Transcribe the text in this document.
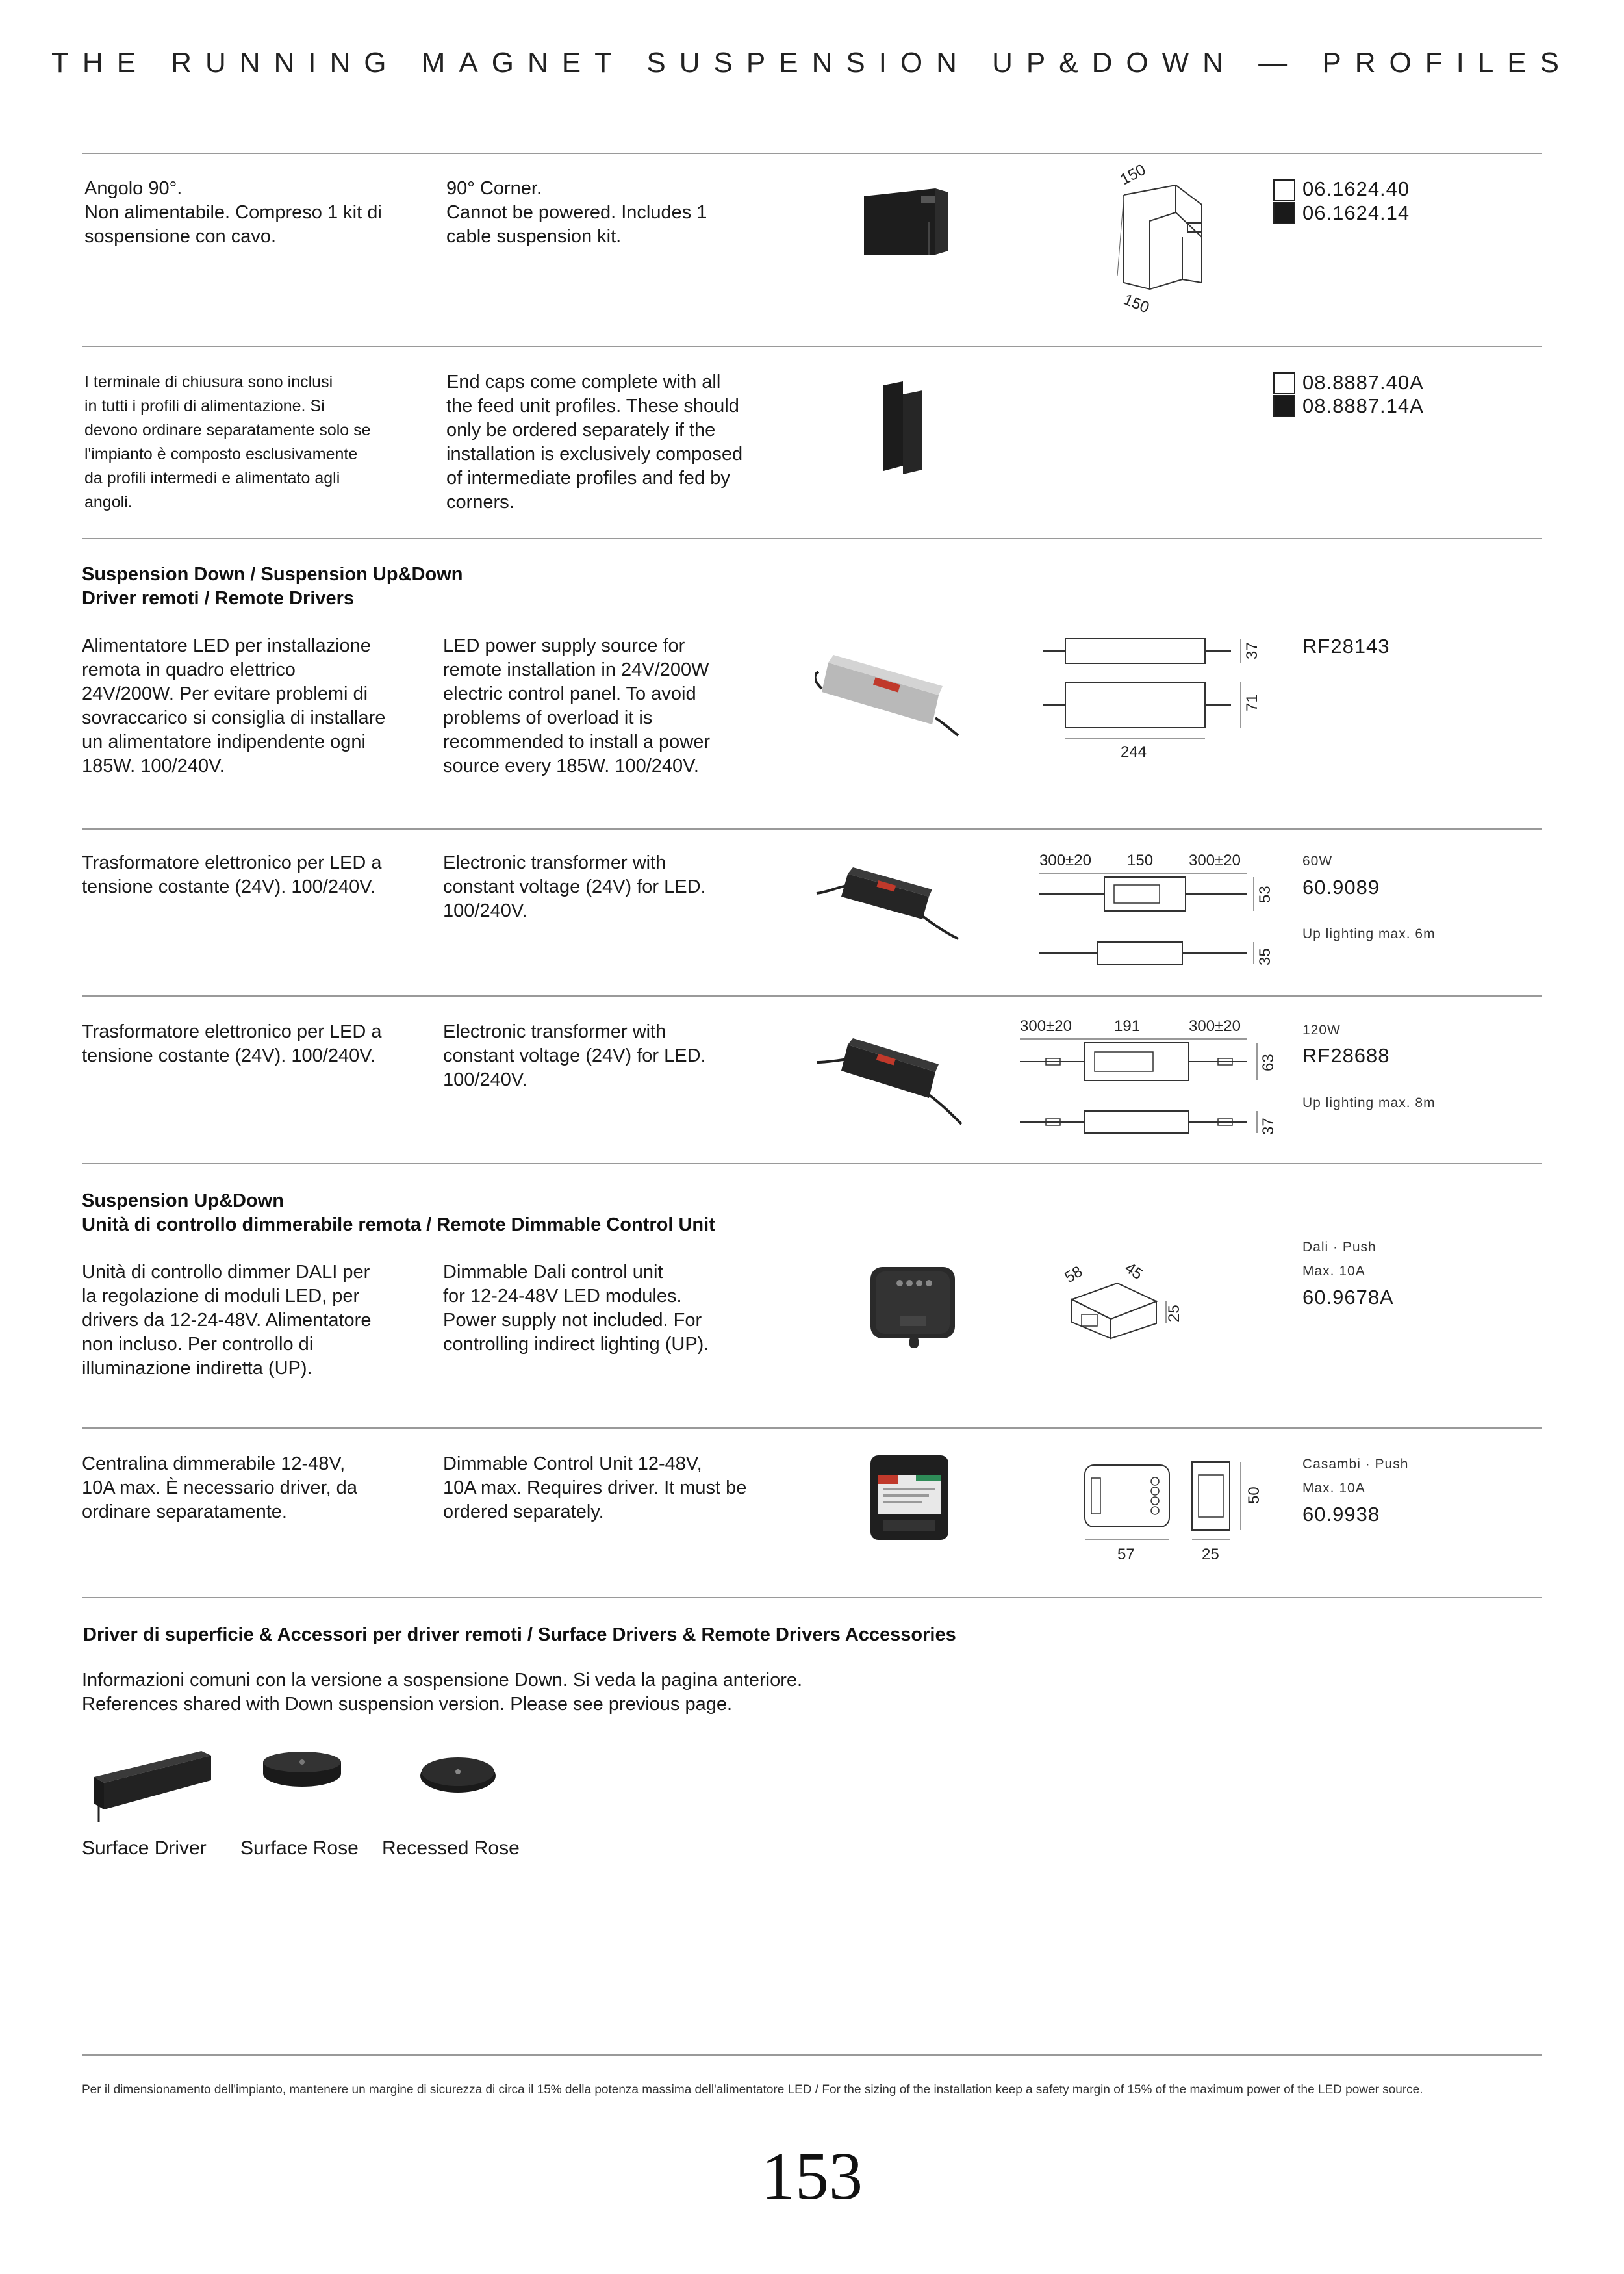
THE RUNNING MAGNET SUSPENSION UP&DOWN — PROFILES
Angolo 90°.
Non alimentabile. Compreso 1 kit di
sospensione con cavo.
90° Corner.
Cannot be powered. Includes 1
cable suspension kit.
150
150
06.1624.40
06.1624.14
I terminale di chiusura sono inclusi
in tutti i profili di alimentazione. Si
devono ordinare separatamente solo se
l'impianto è composto esclusivamente
da profili intermedi e alimentato agli
angoli.
End caps come complete with all
the feed unit profiles. These should
only be ordered separately if the
installation is exclusively composed
of intermediate profiles and fed by
corners.
08.8887.40A
08.8887.14A
Suspension Down / Suspension Up&Down
Driver remoti / Remote Drivers
Alimentatore LED per installazione
remota in quadro elettrico
24V/200W. Per evitare problemi di
sovraccarico si consiglia di installare
un alimentatore indipendente ogni
185W. 100/240V.
LED power supply source for
remote installation in 24V/200W
electric control panel. To avoid
problems of overload it is
recommended to install a power
source every 185W. 100/240V.
37
71
244
RF28143
Trasformatore elettronico per LED a
tensione costante (24V). 100/240V.
Electronic transformer with
constant voltage (24V) for LED.
100/240V.
300±20 150 300±20
53
35
60W
60.9089
Up lighting max. 6m
Trasformatore elettronico per LED a
tensione costante (24V). 100/240V.
Electronic transformer with
constant voltage (24V) for LED.
100/240V.
300±20	191	300±20
63
37
120W
RF28688
Up lighting max. 8m
Suspension Up&Down
Unità di controllo dimmerabile remota / Remote Dimmable Control Unit
Unità di controllo dimmer DALI per
la regolazione di moduli LED, per
drivers da 12-24-48V. Alimentatore
non incluso. Per controllo di
illuminazione indiretta (UP).
Dimmable Dali control unit
for 12-24-48V LED modules.
Power supply not included. For
controlling indirect lighting (UP).
58 45
25
Dali · Push
Max. 10A
60.9678A
Centralina dimmerabile 12-48V,
10A max. È necessario driver, da
ordinare separatamente.
Dimmable Control Unit 12-48V,
10A max. Requires driver. It must be
ordered separately.
50
57	25
Casambi · Push
Max. 10A
60.9938
Driver di superficie & Accessori per driver remoti / Surface Drivers & Remote Drivers Accessories
Informazioni comuni con la versione a sospensione Down. Si veda la pagina anteriore.
References shared with Down suspension version. Please see previous page.
Surface Driver Surface Rose Recessed Rose
Per il dimensionamento dell'impianto, mantenere un margine di sicurezza di circa il 15% della potenza massima dell'alimentatore LED / For the sizing of the installation keep a safety margin of 15% of the maximum power of the LED power source.
153
